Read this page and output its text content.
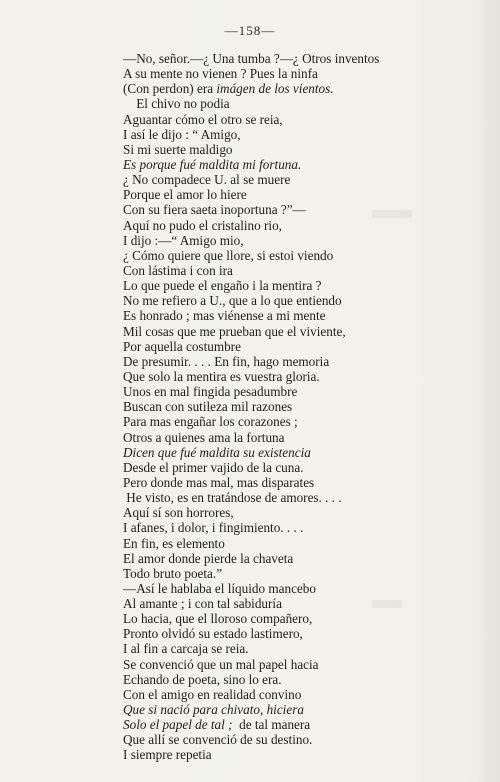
—158—
—No, señor.—¿ Una tumba ?—¿ Otros inventos
A su mente no vienen ? Pues la ninfa
(Con perdon) era imágen de los vientos.
El chivo no podia
Aguantar cómo el otro se reia,
I así le dijo : “ Amigo,
Si mi suerte maldigo
Es porque fué maldita mi fortuna.
¿ No compadece U. al se muere
Porque el amor lo hiere
Con su fiera saeta inoportuna ?”—
Aquí no pudo el cristalino rio,
I dijo :—“ Amigo mio,
¿ Cómo quiere que llore, si estoi viendo
Con lástima i con ira
Lo que puede el engaño i la mentira ?
No me refiero a U., que a lo que entiendo
Es honrado ; mas viénense a mi mente
Mil cosas que me prueban que el viviente,
Por aquella costumbre
De presumir. . . . En fin, hago memoria
Que solo la mentira es vuestra gloria.
Unos en mal fingida pesadumbre
Buscan con sutileza mil razones
Para mas engañar los corazones ;
Otros a quienes ama la fortuna
Dicen que fué maldita su existencia
Desde el primer vajido de la cuna.
Pero donde mas mal, mas disparates
He visto, es en tratándose de amores. . . .
Aquí sí son horrores,
I afanes, i dolor, i fingimiento. . . .
En fin, es elemento
El amor donde pierde la chaveta
Todo bruto poeta.”
—Así le hablaba el líquido mancebo
Al amante ; i con tal sabiduría
Lo hacia, que el lloroso compañero,
Pronto olvidó su estado lastimero,
I al fin a carcaja se reia.
Se convenció que un mal papel hacia
Echando de poeta, sino lo era.
Con el amigo en realidad convino
Que si nació para chivato, hiciera
Solo el papel de tal ;  de tal manera
Que allí se convenció de su destino.
I siempre repetia
